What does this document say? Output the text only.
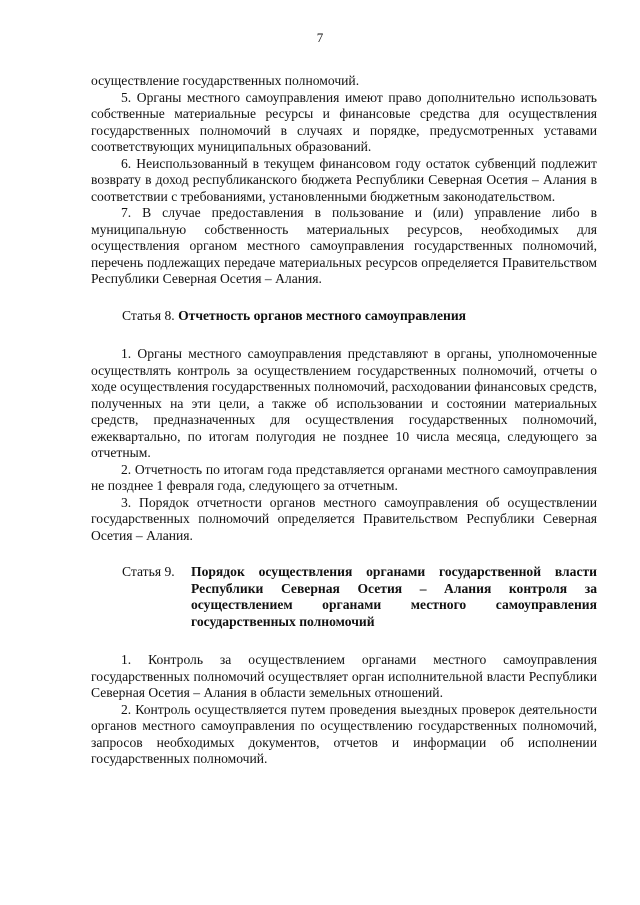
7

осуществление государственных полномочий.

5. Органы местного самоуправления имеют право дополнительно использовать собственные материальные ресурсы и финансовые средства для осуществления государственных полномочий в случаях и порядке, предусмотренных уставами соответствующих муниципальных образований.

6. Неиспользованный в текущем финансовом году остаток субвенций подлежит возврату в доход республиканского бюджета Республики Северная Осетия – Алания в соответствии с требованиями, установленными бюджетным законодательством.

7. В случае предоставления в пользование и (или) управление либо в муниципальную собственность материальных ресурсов, необходимых для осуществления органом местного самоуправления государственных полномочий, перечень подлежащих передаче материальных ресурсов определяется Правительством Республики Северная Осетия – Алания.

Статья 8. Отчетность органов местного самоуправления

1. Органы местного самоуправления представляют в органы, уполномоченные осуществлять контроль за осуществлением государственных полномочий, отчеты о ходе осуществления государственных полномочий, расходовании финансовых средств, полученных на эти цели, а также об использовании и состоянии материальных средств, предназначенных для осуществления государственных полномочий, ежеквартально, по итогам полугодия не позднее 10 числа месяца, следующего за отчетным.

2. Отчетность по итогам года представляется органами местного самоуправления не позднее 1 февраля года, следующего за отчетным.

3. Порядок отчетности органов местного самоуправления об осуществлении государственных полномочий определяется Правительством Республики Северная Осетия – Алания.

Статья 9.	Порядок осуществления органами государственной власти Республики Северная Осетия – Алания контроля за осуществлением органами местного самоуправления государственных полномочий

1. Контроль за осуществлением органами местного самоуправления государственных полномочий осуществляет орган исполнительной власти Республики Северная Осетия – Алания в области земельных отношений.

2. Контроль осуществляется путем проведения выездных проверок деятельности органов местного самоуправления по осуществлению государственных полномочий, запросов необходимых документов, отчетов и информации об исполнении государственных полномочий.
